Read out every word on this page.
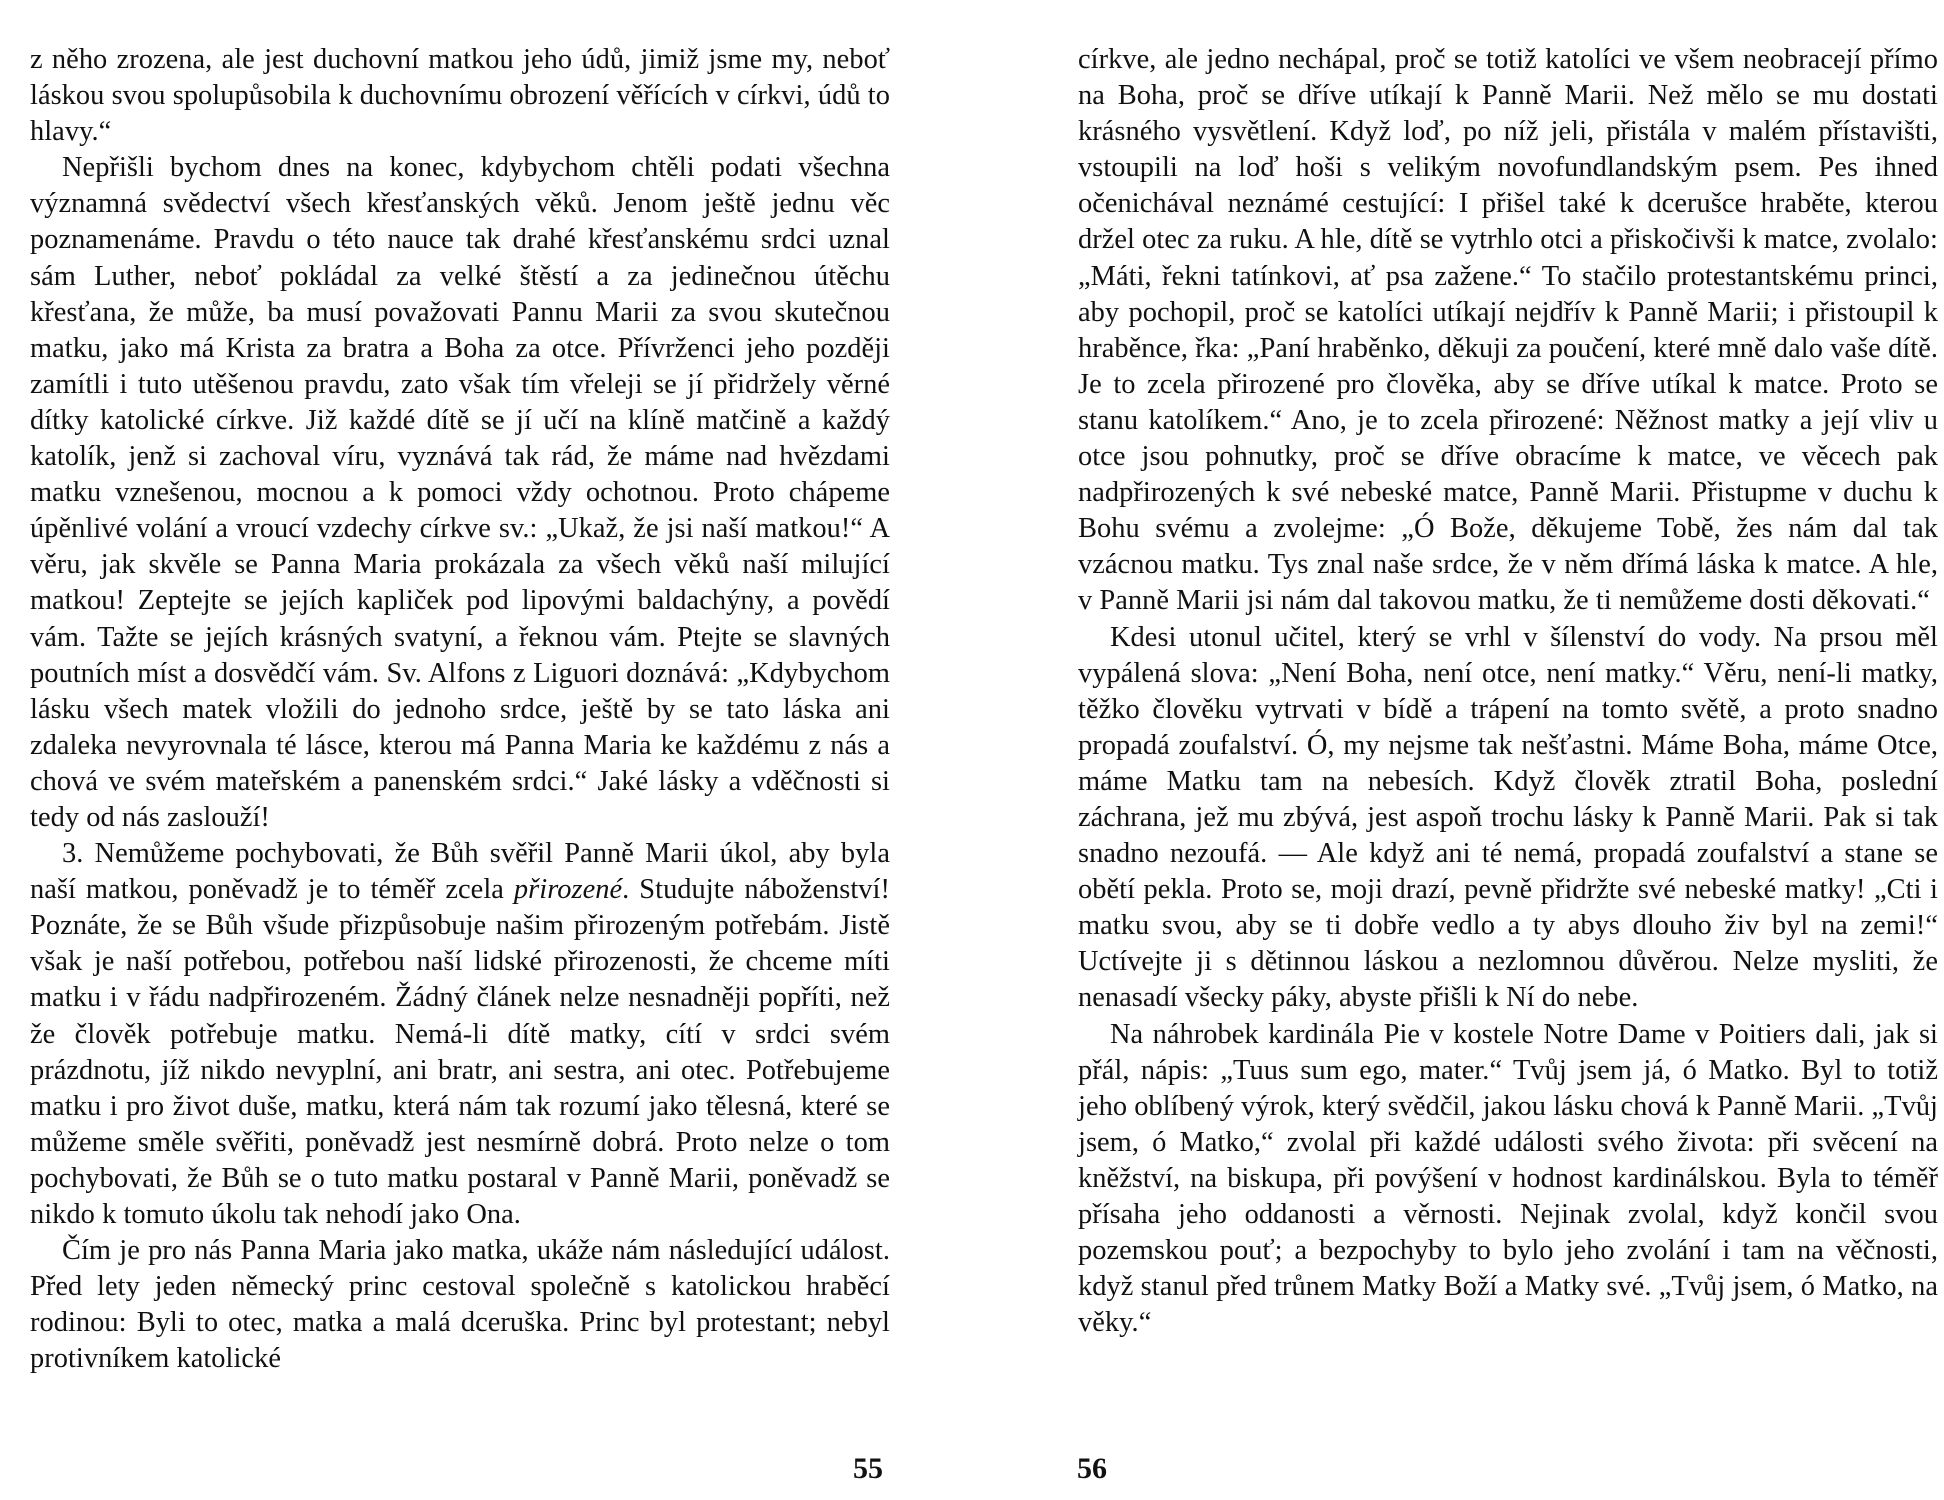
z něho zrozena, ale jest duchovní matkou jeho údů, jimiž jsme my, neboť láskou svou spolupůsobila k duchovnímu obrození věřících v církvi, údů to hlavy.“

Nepřišli bychom dnes na konec, kdybychom chtěli podati všechna významná svědectví všech křesťanských věků. Jenom ještě jednu věc poznamenáme. Pravdu o této nauce tak drahé křesťanskému srdci uznal sám Luther, neboť pokládal za velké štěstí a za jedinečnou útěchu křesťana, že může, ba musí považovati Pannu Marii za svou skutečnou matku, jako má Krista za bratra a Boha za otce. Přívrženci jeho později zamítli i tuto utěšenou pravdu, zato však tím vřeleji se jí přidržely věrné dítky katolické církve. Již každé dítě se jí učí na klíně matčině a každý katolík, jenž si zachoval víru, vyznává tak rád, že máme nad hvězdami matku vznešenou, mocnou a k pomoci vždy ochotnou. Proto chápeme úpěnlivé volání a vroucí vzdechy církve sv.: „Ukaž, že jsi naší matkou!“ A věru, jak skvěle se Panna Maria prokázala za všech věků naší milující matkou! Zeptejte se jejích kapliček pod lipovými baldachýny, a povědí vám. Tažte se jejích krásných svatyní, a řeknou vám. Ptejte se slavných poutních míst a dosvědčí vám. Sv. Alfons z Liguori doznává: „Kdybychom lásku všech matek vložili do jednoho srdce, ještě by se tato láska ani zdaleka nevyrovnala té lásce, kterou má Panna Maria ke každému z nás a chová ve svém mateřském a panenském srdci.“ Jaké lásky a vděčnosti si tedy od nás zaslouží!

3. Nemůžeme pochybovati, že Bůh svěřil Panně Marii úkol, aby byla naší matkou, poněvadž je to téměř zcela přirozené. Studujte náboženství! Poznáte, že se Bůh všude přizpůsobuje našim přirozeným potřebám. Jistě však je naší potřebou, potřebou naší lidské přirozenosti, že chceme míti matku i v řádu nadpřirozeném. Žádný článek nelze nesnadněji popříti, než že člověk potřebuje matku. Nemá-li dítě matky, cítí v srdci svém prázdnotu, jíž nikdo nevyplní, ani bratr, ani sestra, ani otec. Potřebujeme matku i pro život duše, matku, která nám tak rozumí jako tělesná, které se můžeme směle svěřiti, poněvadž jest nesmírně dobrá. Proto nelze o tom pochybovati, že Bůh se o tuto matku postaral v Panně Marii, poněvadž se nikdo k tomuto úkolu tak nehodí jako Ona.

Čím je pro nás Panna Maria jako matka, ukáže nám následující událost. Před lety jeden německý princ cestoval společně s katolickou hraběcí rodinou: Byli to otec, matka a malá dceruška. Princ byl protestant; nebyl protivníkem katolické

církve, ale jedno nechápal, proč se totiž katolíci ve všem neobracejí přímo na Boha, proč se dříve utíkají k Panně Marii. Než mělo se mu dostati krásného vysvětlení. Když loď, po níž jeli, přistála v malém přístavišti, vstoupili na loď hoši s velikým novofundlandským psem. Pes ihned očenichával neznámé cestující: I přišel také k dcerušce hraběte, kterou držel otec za ruku. A hle, dítě se vytrhlo otci a přiskočivši k matce, zvolalo: „Máti, řekni tatínkovi, ať psa zažene.“ To stačilo protestantskému princi, aby pochopil, proč se katolíci utíkají nejdřív k Panně Marii; i přistoupil k hraběnce, řka: „Paní hraběnko, děkuji za poučení, které mně dalo vaše dítě. Je to zcela přirozené pro člověka, aby se dříve utíkal k matce. Proto se stanu katolíkem.“ Ano, je to zcela přirozené: Něžnost matky a její vliv u otce jsou pohnutky, proč se dříve obracíme k matce, ve věcech pak nadpřirozených k své nebeské matce, Panně Marii. Přistupme v duchu k Bohu svému a zvolejme: „Ó Bože, děkujeme Tobě, žes nám dal tak vzácnou matku. Tys znal naše srdce, že v něm dřímá láska k matce. A hle, v Panně Marii jsi nám dal takovou matku, že ti nemůžeme dosti děkovati.“

Kdesi utonul učitel, který se vrhl v šílenství do vody. Na prsou měl vypálená slova: „Není Boha, není otce, není matky.“ Věru, není-li matky, těžko člověku vytrvati v bídě a trápení na tomto světě, a proto snadno propadá zoufalství. Ó, my nejsme tak nešťastni. Máme Boha, máme Otce, máme Matku tam na nebesích. Když člověk ztratil Boha, poslední záchrana, jež mu zbývá, jest aspoň trochu lásky k Panně Marii. Pak si tak snadno nezoufá. — Ale když ani té nemá, propadá zoufalství a stane se obětí pekla. Proto se, moji drazí, pevně přidržte své nebeské matky! „Cti i matku svou, aby se ti dobře vedlo a ty abys dlouho živ byl na zemi!“ Uctívejte ji s dětinnou láskou a nezlomnou důvěrou. Nelze mysliti, že nenasadí všecky páky, abyste přišli k Ní do nebe.

Na náhrobek kardinála Pie v kostele Notre Dame v Poitiers dali, jak si přál, nápis: „Tuus sum ego, mater.“ Tvůj jsem já, ó Matko. Byl to totiž jeho oblíbený výrok, který svědčil, jakou lásku chová k Panně Marii. „Tvůj jsem, ó Matko,“ zvolal při každé události svého života: při svěcení na kněžství, na biskupa, při povýšení v hodnost kardinálskou. Byla to téměř přísaha jeho oddanosti a věrnosti. Nejinak zvolal, když končil svou pozemskou pouť; a bezpochyby to bylo jeho zvolání i tam na věčnosti, když stanul před trůnem Matky Boží a Matky své. „Tvůj jsem, ó Matko, na věky.“

55	56
